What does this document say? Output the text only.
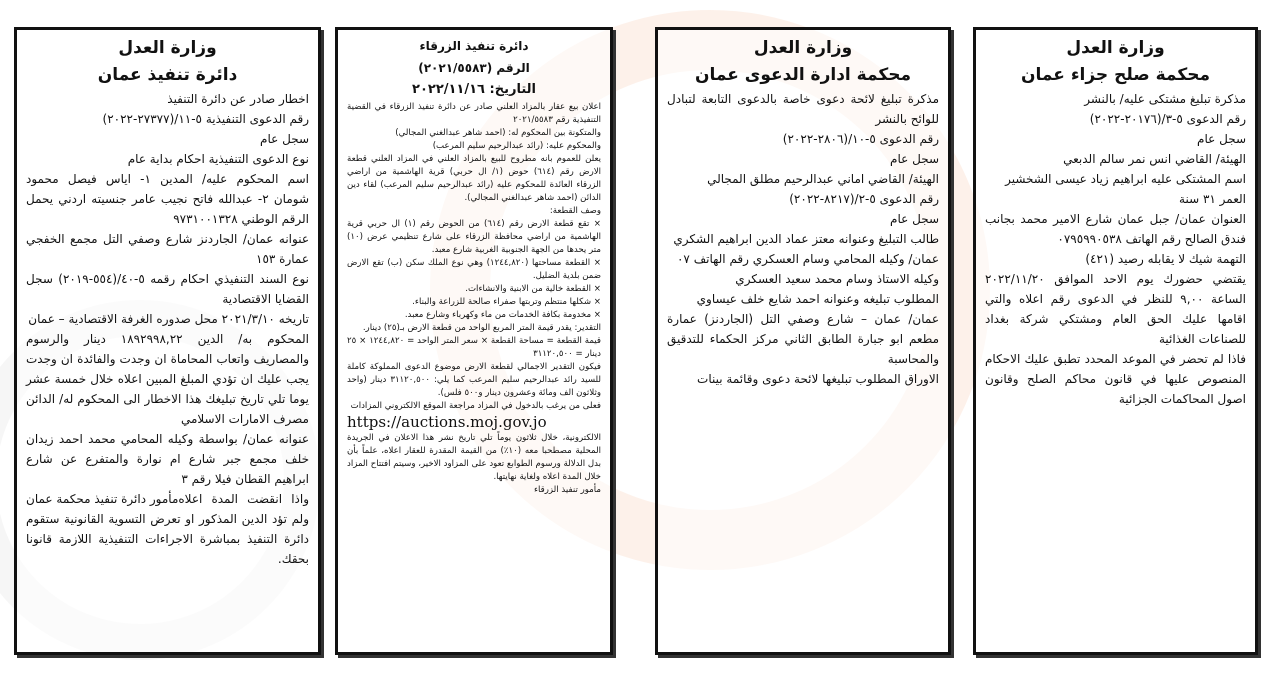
وزارة العدل
محكمة صلح جزاء عمان

مذكرة تبليغ مشتكى عليه/ بالنشر

رقم الدعوى ٥-٣/(٢٠١٧٦-٢٠٢٢)

سجل عام

الهيئة/ القاضي انس نمر سالم الدبعي

اسم المشتكى عليه ابراهيم زياد عيسى الشخشير

العمر ٣١ سنة

العنوان عمان/ جبل عمان شارع الامير محمد بجانب فندق الصالح رقم الهاتف ٠٧٩٥٩٩٠٥٣٨

التهمة شيك لا يقابله رصيد (٤٢١)

يقتضي حضورك يوم الاحد الموافق ٢٠٢٢/١١/٢٠ الساعة ٩,٠٠ للنظر في الدعوى رقم اعلاه والتي اقامها عليك الحق العام ومشتكي شركة بغداد للصناعات الغذائية

فاذا لم تحضر في الموعد المحدد تطبق عليك الاحكام المنصوص عليها في قانون محاكم الصلح وقانون اصول المحاكمات الجزائية

وزارة العدل
محكمة ادارة الدعوى عمان

مذكرة تبليغ لائحة دعوى خاصة بالدعوى التابعة لتبادل للوائح بالنشر

رقم الدعوى ٥-١٠/(٢٨٠٦-٢٠٢٢)

سجل عام

الهيئة/ القاضي اماني عبدالرحيم مطلق المجالي

رقم الدعوى ٥-٢/(٨٢١٧-٢٠٢٢)

سجل عام

طالب التبليغ وعنوانه معتز عماد الدين ابراهيم الشكري

عمان/ وكيله المحامي وسام العسكري رقم الهاتف ٠٧

وكيله الاستاذ وسام محمد سعيد العسكري

المطلوب تبليغه وعنوانه احمد شايع خلف عيساوي

عمان/ عمان – شارع وصفي التل (الجاردنز) عمارة مطعم ابو جبارة الطابق الثاني مركز الحكماء للتدقيق والمحاسبة

الاوراق المطلوب تبليغها لائحة دعوى وقائمة بينات

دائرة تنفيذ الزرقاء
الرقم (٢٠٢١/٥٥٨٣)
التاريخ: ٢٠٢٢/١١/١٦

اعلان بيع عقار بالمزاد العلني صادر عن دائرة تنفيذ الزرقاء في القضية التنفيذية رقم ٢٠٢١/٥٥٨٣

والمتكونة بين المحكوم له: (احمد شاهر عبدالغني المجالي)

والمحكوم عليه: (رائد عبدالرحيم سليم المرعب)

يعلن للعموم بانه مطروح للبيع بالمزاد العلني في المزاد العلني قطعة الارض رقم (٦١٤) حوض (١/ ال حربي) قرية الهاشمية من اراضي الزرقاء العائدة للمحكوم عليه (رائد عبدالرحيم سليم المرعب) لقاء دين الدائن (احمد شاهر عبدالغني المجالي).

وصف القطعة:

× تقع قطعة الارض رقم (٦١٤) من الحوض رقم (١) ال حربي قرية الهاشمية من اراضي محافظة الزرقاء على شارع تنظيمي عرض (١٠) متر يحدها من الجهة الجنوبية الغربية شارع معبد.

× القطعة مساحتها (١٢٤٤,٨٢٠) وهي نوع الملك سكن (ب) تقع الارض ضمن بلدية الضليل.

× القطعة خالية من الابنية والانشاءات.

× شكلها منتظم وتربتها صفراء صالحة للزراعة والبناء.

× مخدومة بكافة الخدمات من ماء وكهرباء وشارع معبد.

التقدير: يقدر قيمة المتر المربع الواحد من قطعة الارض بـ(٢٥) دينار.

قيمة القطعة = مساحة القطعة × سعر المتر الواحد = ١٢٤٤,٨٢٠ × ٢٥ دينار = ٣١١٢٠,٥٠٠

فيكون التقدير الاجمالي لقطعة الارض موضوع الدعوى المملوكة كاملة للسيد رائد عبدالرحيم سليم المرعب كما يلي: ٣١١٢٠,٥٠٠ دينار (واحد وثلاثون الف ومائة وعشرون دينار و٥٠٠ فلس).

فعلى من يرغب بالدخول في المزاد مراجعة الموقع الالكتروني المزادات

https://auctions.moj.gov.jo

الالكترونية، خلال ثلاثون يوماً تلي تاريخ نشر هذا الاعلان في الجريدة المحلية مصطحبا معه (١٠٪) من القيمة المقدرة للعقار اعلاه، علماً بأن بدل الدلالة ورسوم الطوابع تعود على المزاود الاخير، وسيتم افتتاح المزاد خلال المدة اعلاه ولغاية نهايتها.

مأمور تنفيذ الزرقاء

وزارة العدل
دائرة تنفيذ عمان

اخطار صادر عن دائرة التنفيذ

رقم الدعوى التنفيذية ٥-١١/(٢٧٣٧٧-٢٠٢٢)

سجل عام

نوع الدعوى التنفيذية احكام بداية عام

اسم المحكوم عليه/ المدين ١- اياس فيصل محمود شومان ٢- عبدالله فاتح نجيب عامر جنسيته اردني يحمل الرقم الوطني ٩٧٣١٠٠١٣٢٨

عنوانه عمان/ الجاردنز شارع وصفي التل مجمع الخفجي عمارة ١٥٣

نوع السند التنفيذي احكام رقمه ٥-٤٠/(٥٥٤-٢٠١٩) سجل القضايا الاقتصادية

تاريخه ٢٠٢١/٣/١٠ محل صدوره الغرفة الاقتصادية – عمان

المحكوم به/ الدين ١٨٩٢٩٩٨,٢٢ دينار والرسوم والمصاريف واتعاب المحاماة ان وجدت والفائدة ان وجدت يجب عليك ان تؤدي المبلغ المبين اعلاه خلال خمسة عشر يوما تلي تاريخ تبليغك هذا الاخطار الى المحكوم له/ الدائن مصرف الامارات الاسلامي

عنوانه عمان/ بواسطة وكيله المحامي محمد احمد زيدان خلف مجمع جبر شارع ام نوارة والمتفرع عن شارع ابراهيم القطان فيلا رقم ٣

مأمور دائرة تنفيذ محكمة عمان واذا انقضت المدة اعلاه ولم تؤد الدين المذكور او تعرض التسوية القانونية ستقوم دائرة التنفيذ بمباشرة الاجراءات التنفيذية اللازمة قانونا بحقك.
